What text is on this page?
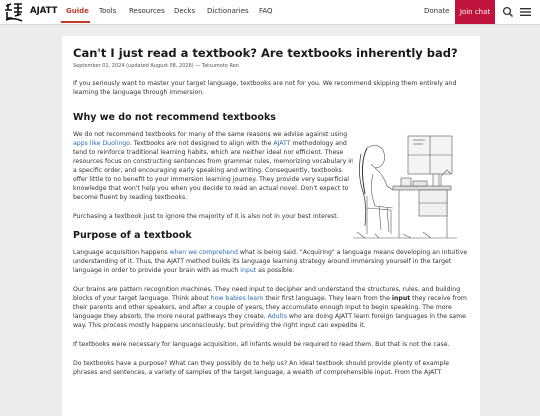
AJATT Guide Tools Resources Decks Dictionaries FAQ	Donate	Join chat
Can't I just read a textbook? Are textbooks inherently bad?
September 01, 2024 (updated August 08, 2026) — Tatsumoto Ren

If you seriously want to master your target language, textbooks are not for you. We recommend skipping them entirely and learning the language through immersion.

Why we do not recommend textbooks

We do not recommend textbooks for many of the same reasons we advise against using apps like Duolingo. Textbooks are not designed to align with the AJATT methodology and tend to reinforce traditional learning habits, which are neither ideal nor efficient. These resources focus on constructing sentences from grammar rules, memorizing vocabulary in a specific order, and encouraging early speaking and writing. Consequently, textbooks offer little to no benefit to your immersion learning journey. They provide very superficial knowledge that won't help you when you decide to read an actual novel. Don't expect to become fluent by reading textbooks.

Purchasing a textbook just to ignore the majority of it is also not in your best interest.

Purpose of a textbook

Language acquisition happens when we comprehend what is being said. "Acquiring" a language means developing an intuitive understanding of it. Thus, the AJATT method builds its language learning strategy around immersing yourself in the target language in order to provide your brain with as much input as possible.

Our brains are pattern recognition machines. They need input to decipher and understand the structures, rules, and building blocks of your target language. Think about how babies learn their first language. They learn from the input they receive from their parents and other speakers, and after a couple of years, they accumulate enough input to begin speaking. The more language they absorb, the more neural pathways they create. Adults who are doing AJATT learn foreign languages in the same way. This process mostly happens unconsciously, but providing the right input can expedite it.

If textbooks were necessary for language acquisition, all infants would be required to read them. But that is not the case.

Do textbooks have a purpose? What can they possibly do to help us? An ideal textbook should provide plenty of example phrases and sentences, a variety of samples of the target language, a wealth of comprehensible input. From the AJATT
